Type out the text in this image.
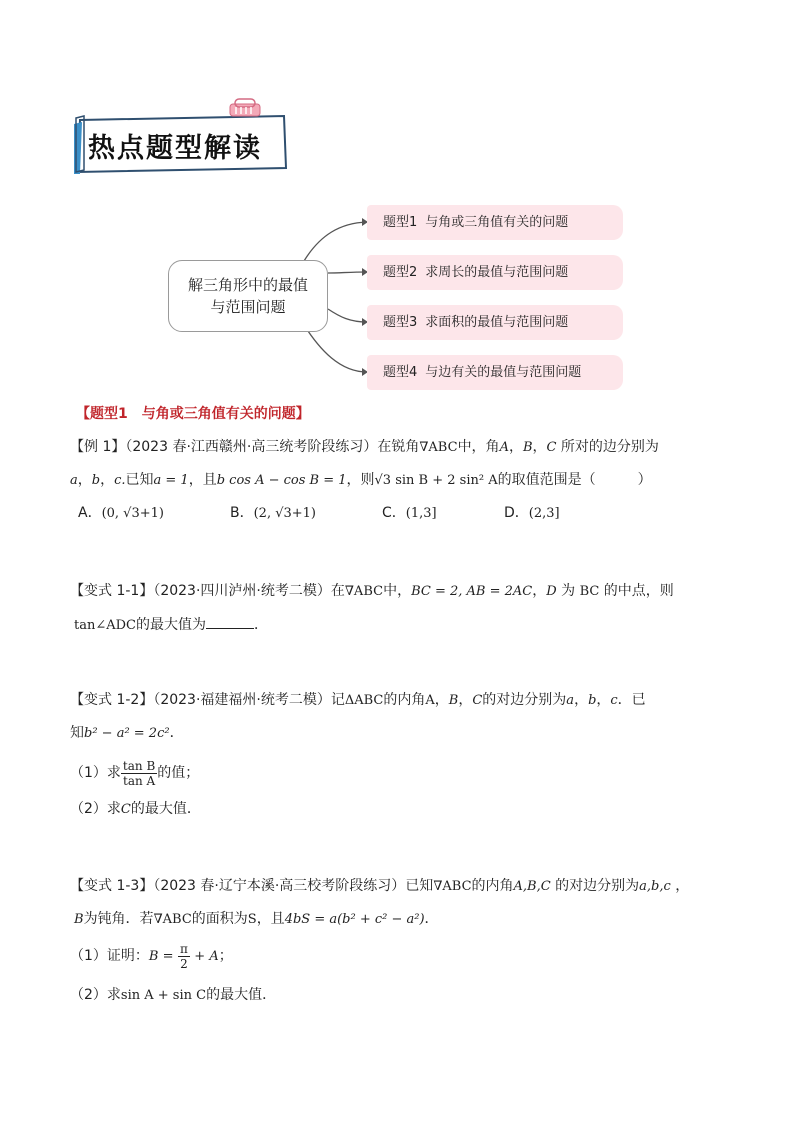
热点题型解读
解三角形中的最值与范围问题
题型1 与角或三角值有关的问题
题型2 求周长的最值与范围问题
题型3 求面积的最值与范围问题
题型4 与边有关的最值与范围问题
【题型1　与角或三角值有关的问题】
【例 1】（2023 春·江西赣州·高三统考阶段练习）在锐角∇ABC中，角A，B，C 所对的边分别为
a，b，c.已知a = 1，且b cos A − cos B = 1，则√3 sin B + 2 sin² A的取值范围是（　　　）
A．(0, √3+1)	B．(2, √3+1)	C．(1,3]	D．(2,3]
【变式 1-1】（2023·四川泸州·统考二模）在∇ABC中，BC = 2, AB = 2AC，D 为 BC 的中点，则
tan∠ADC的最大值为	．
【变式 1-2】（2023·福建福州·统考二模）记ΔABC的内角A，B，C的对边分别为a，b，c．已
知b² − a² = 2c²．
（1）求 $\frac{\text{tan B}}{\text{tan A}}$ 的值；
（2）求C的最大值．
【变式 1-3】（2023 春·辽宁本溪·高三校考阶段练习）已知∇ABC的内角A,B,C 的对边分别为a,b,c ，
B为钝角．若∇ABC的面积为S，且4bS = a(b² + c² − a²)．
（1）证明：$B = \frac{\pi}{2} + A$；
（2）求sin A + sin C的最大值．
